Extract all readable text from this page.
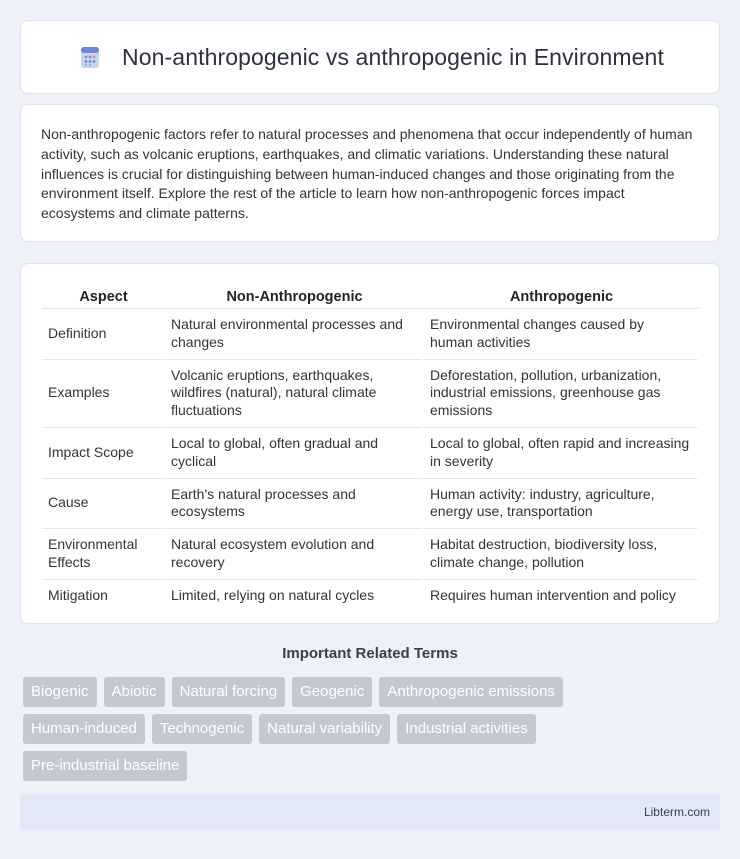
Non-anthropogenic vs anthropogenic in Environment

Non-anthropogenic factors refer to natural processes and phenomena that occur independently of human activity, such as volcanic eruptions, earthquakes, and climatic variations. Understanding these natural influences is crucial for distinguishing between human-induced changes and those originating from the environment itself. Explore the rest of the article to learn how non-anthropogenic forces impact ecosystems and climate patterns.

Aspect	Non-Anthropogenic	Anthropogenic
Definition	Natural environmental processes and changes	Environmental changes caused by human activities
Examples	Volcanic eruptions, earthquakes, wildfires (natural), natural climate fluctuations	Deforestation, pollution, urbanization, industrial emissions, greenhouse gas emissions
Impact Scope	Local to global, often gradual and cyclical	Local to global, often rapid and increasing in severity
Cause	Earth's natural processes and ecosystems	Human activity: industry, agriculture, energy use, transportation
Environmental Effects	Natural ecosystem evolution and recovery	Habitat destruction, biodiversity loss, climate change, pollution
Mitigation	Limited, relying on natural cycles	Requires human intervention and policy
Important Related Terms
Biogenic	Abiotic	Natural forcing	Geogenic	Anthropogenic emissions
Human-induced	Technogenic	Natural variability	Industrial activities
Pre-industrial baseline
Libterm.com
